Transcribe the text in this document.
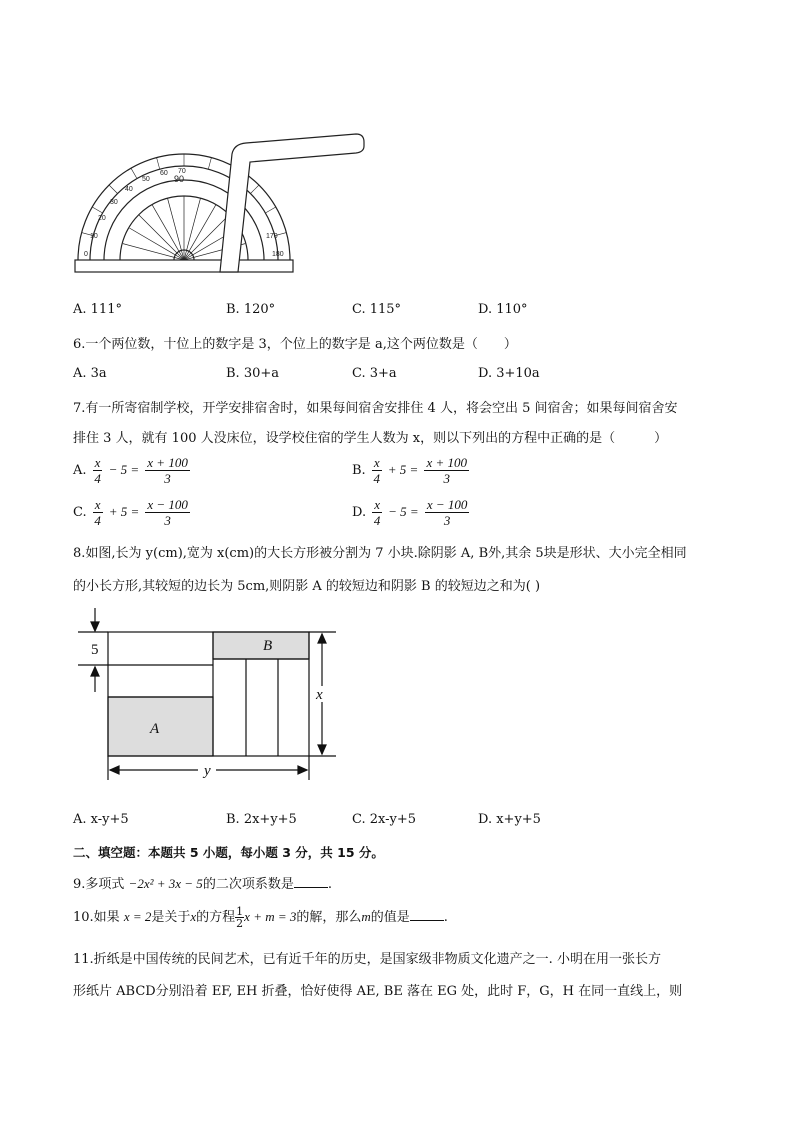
0
10
20
30
40
50
60 70
90
180
170
A. 111°	B. 120°	C. 115°	D. 110°
6.一个两位数，十位上的数字是 3，个位上的数字是 a,这个两位数是（　　）
A. 3a	B. 30+a	C. 3+a	D. 3+10a
7.有一所寄宿制学校，开学安排宿舍时，如果每间宿舍安排住 4 人，将会空出 5 间宿舍；如果每间宿舍安
排住 3 人，就有 100 人没床位，设学校住宿的学生人数为 x，则以下列出的方程中正确的是（　　　）
A. $\frac{x}{4} - 5 = \frac{x + 100}{3}$	B. $\frac{x}{4} + 5 = \frac{x + 100}{3}$
C. $\frac{x}{4} + 5 = \frac{x - 100}{3}$	D. $\frac{x}{4} - 5 = \frac{x - 100}{3}$
8.如图,长为 y(cm),宽为 x(cm)的大长方形被分割为 7 小块.除阴影 A, B外,其余 5块是形状、大小完全相同
的小长方形,其较短的边长为 5cm,则阴影 A 的较短边和阴影 B 的较短边之和为( )
5
A
B
x
y
A. x-y+5	B. 2x+y+5	C. 2x-y+5	D. x+y+5
二、填空题：本题共 5 小题，每小题 3 分，共 15 分。
9.多项式 −2x² + 3x − 5的二次项系数是	.
10.如果 x = 2是关于x的方程 $\frac{1}{2}$ x + m = 3的解，那么m的值是	.
11.折纸是中国传统的民间艺术，已有近千年的历史，是国家级非物质文化遗产之一. 小明在用一张长方
形纸片 ABCD分别沿着 EF, EH 折叠，恰好使得 AE, BE 落在 EG 处，此时 F，G，H 在同一直线上，则
